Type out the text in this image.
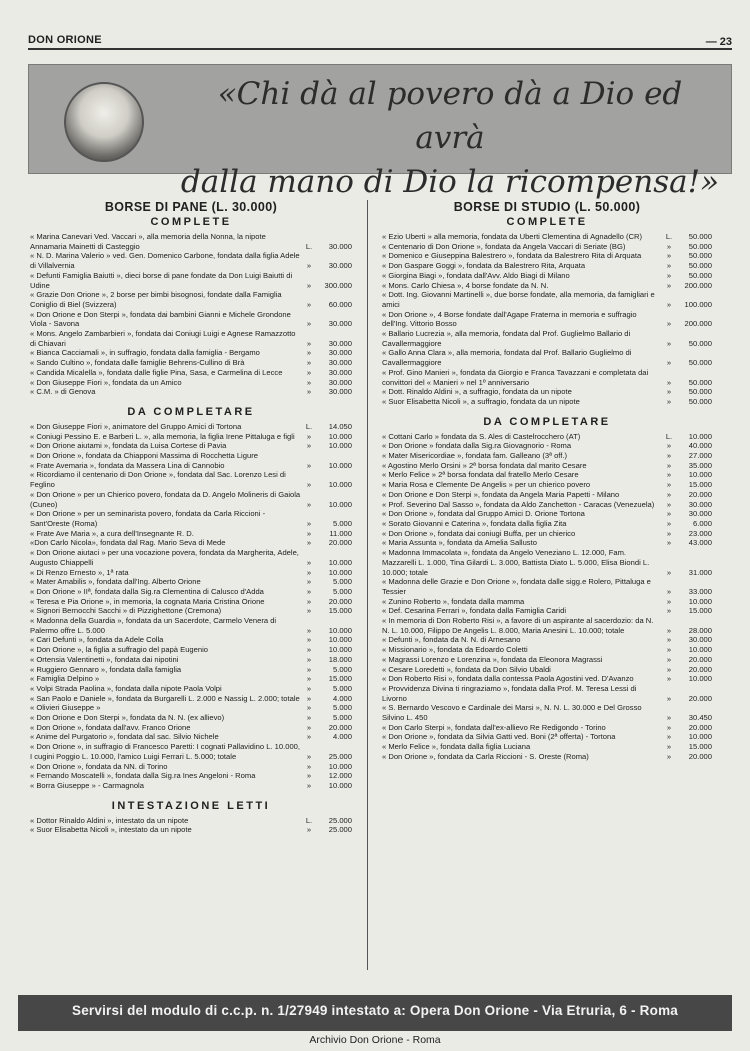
DON ORIONE	— 23
«Chi dà al povero dà a Dio ed avrà
dalla mano di Dio la ricompensa!»
BORSE DI PANE (L. 30.000)
COMPLETE
« Marina Canevari Ved. Vaccari », alla memoria della Nonna, la nipote Annamaria Mainetti di Casteggio	L.	30.000
« N. D. Marina Valerio » ved. Gen. Domenico Carbone, fondata dalla figlia Adele di Villalvernia	»	30.000
« Defunti Famiglia Baiutti », dieci borse di pane fondate da Don Luigi Baiutti di Udine	»	300.000
« Grazie Don Orione », 2 borse per bimbi bisognosi, fondate dalla Famiglia Coniglio di Biel (Svizzera)	»	60.000
« Don Orione e Don Sterpi », fondata dai bambini Gianni e Michele Grondone Viola - Savona	»	30.000
« Mons. Angelo Zambarbieri », fondata dai Coniugi Luigi e Agnese Ramazzotto di Chiavari	»	30.000
« Bianca Cacciamali », in suffragio, fondata dalla famiglia - Bergamo	»	30.000
« Sando Cultino », fondata dalle famiglie Behrens-Cullino di Brà	»	30.000
« Candida Micalella », fondata dalle figlie Pina, Sasa, e Carmelina di Lecce	»	30.000
« Don Giuseppe Fiori », fondata da un Amico	»	30.000
« C.M. » di Genova	»	30.000
DA COMPLETARE
« Don Giuseppe Fiori », animatore del Gruppo Amici di Tortona	L.	14.050
« Coniugi Pessino E. e Barberi L. », alla memoria, la figlia Irene Pittaluga e figli	»	10.000
« Don Orione aiutami », fondata da Luisa Cortese di Pavia	»	10.000
« Don Orione », fondata da Chiapponi Massima di Rocchetta Ligure
« Frate Avemaria », fondata da Massera Lina di Cannobio	»	10.000
« Ricordiamo il centenario di Don Orione », fondata dal Sac. Lorenzo Lesi di Feglino	»	10.000
« Don Orione » per un Chierico povero, fondata da D. Angelo Molineris di Gaiola (Cuneo)	»	10.000
« Don Orione » per un seminarista povero, fondata da Carla Riccioni - Sant'Oreste (Roma)	»	5.000
« Frate Ave Maria », a cura dell'Insegnante R. D.	»	11.000
«Don Carlo Nicola», fondata dal Rag. Mario Seva di Mede	»	20.000
« Don Orione aiutaci » per una vocazione povera, fondata da Margherita, Adele, Augusto Chiappelli	»	10.000
« Di Renzo Ernesto », 1ª rata	»	10.000
« Mater Amabilis », fondata dall'Ing. Alberto Orione	»	5.000
« Don Orione » IIª, fondata dalla Sig.ra Clementina di Calusco d'Adda	»	5.000
« Teresa e Pia Orione », in memoria, la cognata Maria Cristina Orione	»	20.000
« Signori Bernocchi Sacchi » di Pizzighettone (Cremona)	»	15.000
« Madonna della Guardia », fondata da un Sacerdote, Carmelo Venera di Palermo offre L. 5.000	»	10.000
« Cari Defunti », fondata da Adele Colla	»	10.000
« Don Orione », la figlia a suffragio del papà Eugenio	»	10.000
« Ortensia Valentinetti », fondata dai nipotini	»	18.000
« Ruggiero Gennaro », fondata dalla famiglia	»	5.000
« Famiglia Delpino »	»	15.000
« Volpi Strada Paolina », fondata dalla nipote Paola Volpi	»	5.000
« San Paolo e Daniele », fondata da Burgarelli L. 2.000 e Nassig L. 2.000; totale »	4.000
« Olivieri Giuseppe »	»	5.000
« Don Orione e Don Sterpi », fondata da N. N. (ex allievo)	»	5.000
« Don Orione », fondata dall'avv. Franco Orione	»	20.000
« Anime del Purgatorio », fondata dal sac. Silvio Nichele	»	4.000
« Don Orione », in suffragio di Francesco Paretti: I cognati Pallavidino L. 10.000, I cugini Poggio L. 10.000, l'amico Luigi Ferrari L. 5.000; totale	»	25.000
« Don Orione », fondata da NN. di Torino	»	10.000
« Fernando Moscatelli », fondata dalla Sig.ra Ines Angeloni - Roma	»	12.000
« Borra Giuseppe » - Carmagnola	»	10.000
INTESTAZIONE LETTI
« Dottor Rinaldo Aldini », intestato da un nipote	L.	25.000
« Suor Elisabetta Nicoli », intestato da un nipote	»	25.000
BORSE DI STUDIO (L. 50.000)
COMPLETE
« Ezio Uberti » alla memoria, fondata da Uberti Clementina di Agnadello (CR)	L.	50.000
« Centenario di Don Orione », fondata da Angela Vaccari di Seriate (BG)	»	50.000
« Domenico e Giuseppina Balestrero », fondata da Balestrero Rita di Arquata	»	50.000
« Don Gaspare Goggi », fondata da Balestrero Rita, Arquata	»	50.000
« Giorgina Biagi », fondata dall'Avv. Aldo Biagi di Milano	»	50.000
« Mons. Carlo Chiesa », 4 borse fondate da N. N.	»	200.000
« Dott. Ing. Giovanni Martinelli », due borse fondate, alla memoria, da famigliari e amici	»	100.000
« Don Orione », 4 Borse fondate dall'Agape Fraterna in memoria e suffragio dell'Ing. Vittorio Bosso	»	200.000
« Ballario Lucrezia », alla memoria, fondata dal Prof. Guglielmo Ballario di Cavallermaggiore	»	50.000
« Gallo Anna Clara », alla memoria, fondata dal Prof. Ballario Guglielmo di Cavallermaggiore	»	50.000
« Prof. Gino Manieri », fondata da Giorgio e Franca Tavazzani e completata dai convittori del « Manieri » nel 1º anniversario	»	50.000
« Dott. Rinaldo Aldini », a suffragio, fondata da un nipote	»	50.000
« Suor Elisabetta Nicoli », a suffragio, fondata da un nipote	»	50.000
DA COMPLETARE
« Cottani Carlo » fondata da S. Ales di Castelrocchero (AT)	L.	10.000
« Don Orione » fondata dalla Sig.ra Giovagnorio - Roma	»	40.000
« Mater Misericordiae », fondata fam. Galleano (3ª off.)	»	27.000
« Agostino Merlo Orsini » 2ª borsa fondata dal marito Cesare	»	35.000
« Merlo Felice » 2ª borsa fondata dal fratello Merlo Cesare	»	10.000
« Maria Rosa e Clemente De Angelis » per un chierico povero	»	15.000
« Don Orione e Don Sterpi », fondata da Angela Maria Papetti - Milano	»	20.000
« Prof. Severino Dal Sasso », fondata da Aldo Zanchetton - Caracas (Venezuela)	»	30.000
« Don Orione », fondata dal Gruppo Amici D. Orione Tortona	»	30.000
« Sorato Giovanni e Caterina », fondata dalla figlia Zita	»	6.000
« Don Orione », fondata dai coniugi Buffa, per un chierico	»	23.000
« Maria Assunta », fondata da Amelia Sallusto	»	43.000
« Madonna Immacolata », fondata da Angelo Veneziano L. 12.000, Fam. Mazzarelli L. 1.000, Tina Gilardi L. 3.000, Battista Diato L. 5.000, Elisa Biondi L. 10.000; totale	»	31.000
« Madonna delle Grazie e Don Orione », fondata dalle sigg.e Rolero, Pittaluga e Tessier	»	33.000
« Zunino Roberto », fondata dalla mamma	»	10.000
« Def. Cesarina Ferrari », fondata dalla Famiglia Caridi	»	15.000
« In memoria di Don Roberto Risi », a favore di un aspirante al sacerdozio: da N. N. L. 10.000, Filippo De Angelis L. 8.000, Maria Anesini L. 10.000; totale	»	28.000
« Defunti », fondata da N. N. di Arnesano	»	30.000
« Missionario », fondata da Edoardo Coletti	»	10.000
« Magrassi Lorenzo e Lorenzina », fondata da Eleonora Magrassi	»	20.000
« Cesare Loredetti », fondata da Don Silvio Ubaldi	»	20.000
« Don Roberto Risi », fondata dalla contessa Paola Agostini ved. D'Avanzo	»	10.000
« Provvidenza Divina ti ringraziamo », fondata dalla Prof. M. Teresa Lessi di Livorno	»	20.000
« S. Bernardo Vescovo e Cardinale dei Marsi », N. N. L. 30.000 e Del Grosso Silvino L. 450	»	30.450
« Don Carlo Sterpi », fondata dall'ex-allievo Re Redigondo - Torino	»	20.000
« Don Orione », fondata da Silvia Gatti ved. Boni (2ª offerta) - Tortona	»	10.000
« Merlo Felice », fondata dalla figlia Luciana	»	15.000
« Don Orione », fondata da Carla Riccioni - S. Oreste (Roma)	»	20.000
Servirsi del modulo di c.c.p. n. 1/27949 intestato a: Opera Don Orione - Via Etruria, 6 - Roma
Archivio Don Orione - Roma
